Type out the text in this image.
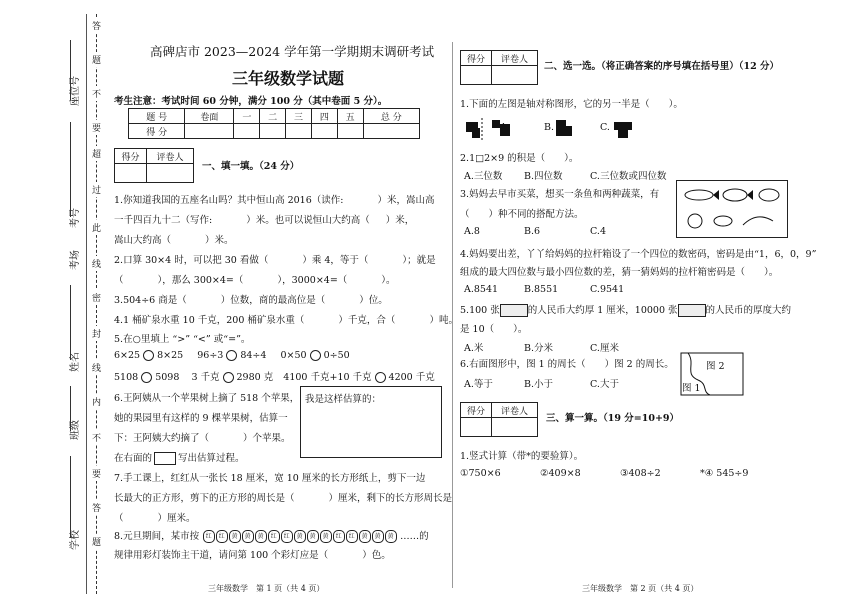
座位号
考号
考场
姓名
班级
学校
答
题
不
要
超
过
此
线
密
封
线
内
不
要
答
题
高碑店市 2023—2024 学年第一学期期末调研考试
三年级数学试题
考生注意：考试时间 60 分钟，满分 100 分（其中卷面 5 分）。
题 号	卷面	一	二	三	四	五	总 分
得 分							
得分	评卷人

一、填一填。（24 分）
1.你知道我国的五座名山吗？其中恒山高 2016（读作:	）米，嵩山高
一千四百九十二（写作:	）米。也可以说恒山大约高（ ）米，
嵩山大约高（	）米。
2.口算 30×4 时，可以把 30 看做（	）乘 4，等于（	）；就是
（	），那么 300×4=（	），3000×4=（	）。
3.504÷6 商是（	）位数，商的最高位是（	）位。
4.1 桶矿泉水重 10 千克，200 桶矿泉水重（	）千克，合（	）吨。
5.在○里填上 “>” “<” 或“=”。
6×25 8×25 96÷3 84÷4 0×50 0÷50
5108 5098 3 千克 2980 克 4100 千克+10 千克 4200 千克
6.王阿姨从一个苹果树上摘了 518 个苹果，
她的果园里有这样的 9 棵苹果树，估算一
下：王阿姨大约摘了（	）个苹果。
在右面的	写出估算过程。
我是这样估算的：
7.手工课上，红红从一张长 18 厘米，宽 10 厘米的长方形纸上，剪下一边
长最大的正方形，剪下的正方形的周长是（	）厘米，剩下的长方形周长是
（	）厘米。
8.元旦期间，某市按 红 红 黄 黄 黄 红 红 黄 黄 黄 红 红 黄 黄 黄 ……的
规律用彩灯装饰主干道，请问第 100 个彩灯应是（	）色。
三年级数学　第 1 页（共 4 页）
得分	评卷人

二、选一选。（将正确答案的序号填在括号里）（12 分）
1.下面的左图是轴对称图形，它的另一半是（　　）。
A.	B.	C.
2.1□2×9 的积是（　　）。
A.三位数 B.四位数	C.三位数或四位数
3.妈妈去早市买菜，想买一条鱼和两种蔬菜，有
（　　）种不同的搭配方法。
A.8	B.6	C.4
4.妈妈要出差，丫丫给妈妈的拉杆箱设了一个四位的数密码，密码是由“1，6，0，9”
组成的最大四位数与最小四位数的差，猜一猜妈妈的拉杆箱密码是（　　）。
A.8541	B.8551	C.9541
5.100 张	的人民币大约厚 1 厘米，10000 张	的人民币的厚度大约
是 10（　　）。
A.米	B.分米	C.厘米
6.右面图形中，图 1 的周长（　　）图 2 的周长。
A.等于	B.小于	C.大于
图 2
图 1
得分	评卷人

三、算一算。（19 分=10+9）
1.竖式计算（带*的要验算）。
①750×6	②409×8	③408÷2	*④ 545÷9
三年级数学　第 2 页（共 4 页）
